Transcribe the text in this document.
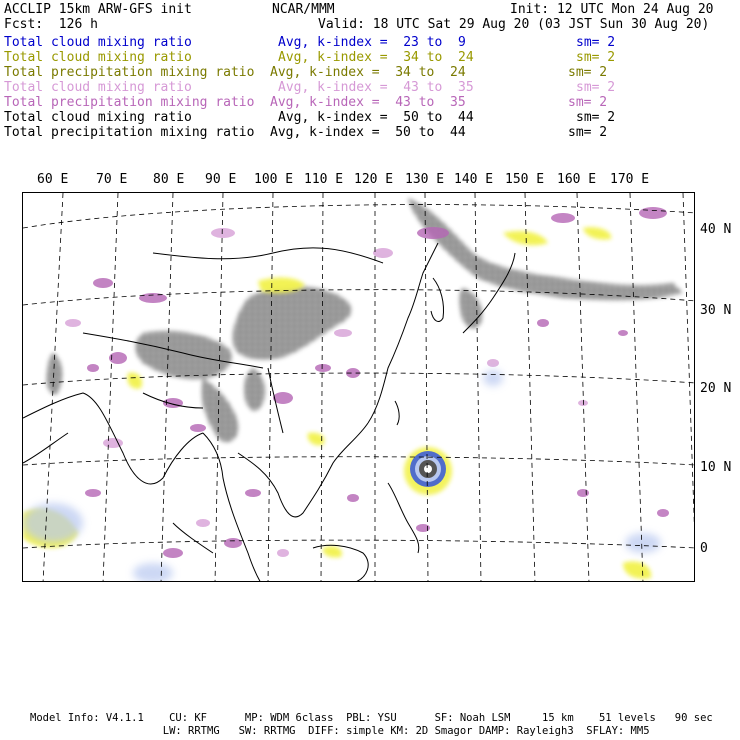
ACCLIP 15km ARW-GFS init	NCAR/MMM	Init: 12 UTC Mon 24 Aug 20
Fcst:  126 h	Valid: 18 UTC Sat 29 Aug 20 (03 JST Sun 30 Aug 20)
Total cloud mixing ratio	Avg, k-index =  23 to  9	sm= 2
Total cloud mixing ratio	Avg, k-index =  34 to  24	sm= 2
Total precipitation mixing ratio Avg, k-index =  34 to  24	sm= 2
Total cloud mixing ratio	Avg, k-index =  43 to  35	sm= 2
Total precipitation mixing ratio Avg, k-index =  43 to  35	sm= 2
Total cloud mixing ratio	Avg, k-index =  50 to  44	sm= 2
Total precipitation mixing ratio Avg, k-index =  50 to  44	sm= 2
60 E 70 E 80 E 90 E 100 E 110 E 120 E 130 E 140 E 150 E 160 E 170 E
40 N
30 N
20 N
10 N
0
Model Info: V4.1.1    CU: KF      MP: WDM 6class  PBL: YSU      SF: Noah LSM     15 km    51 levels   90 sec
LW: RRTMG   SW: RRTMG  DIFF: simple KM: 2D Smagor DAMP: Rayleigh3  SFLAY: MM5
